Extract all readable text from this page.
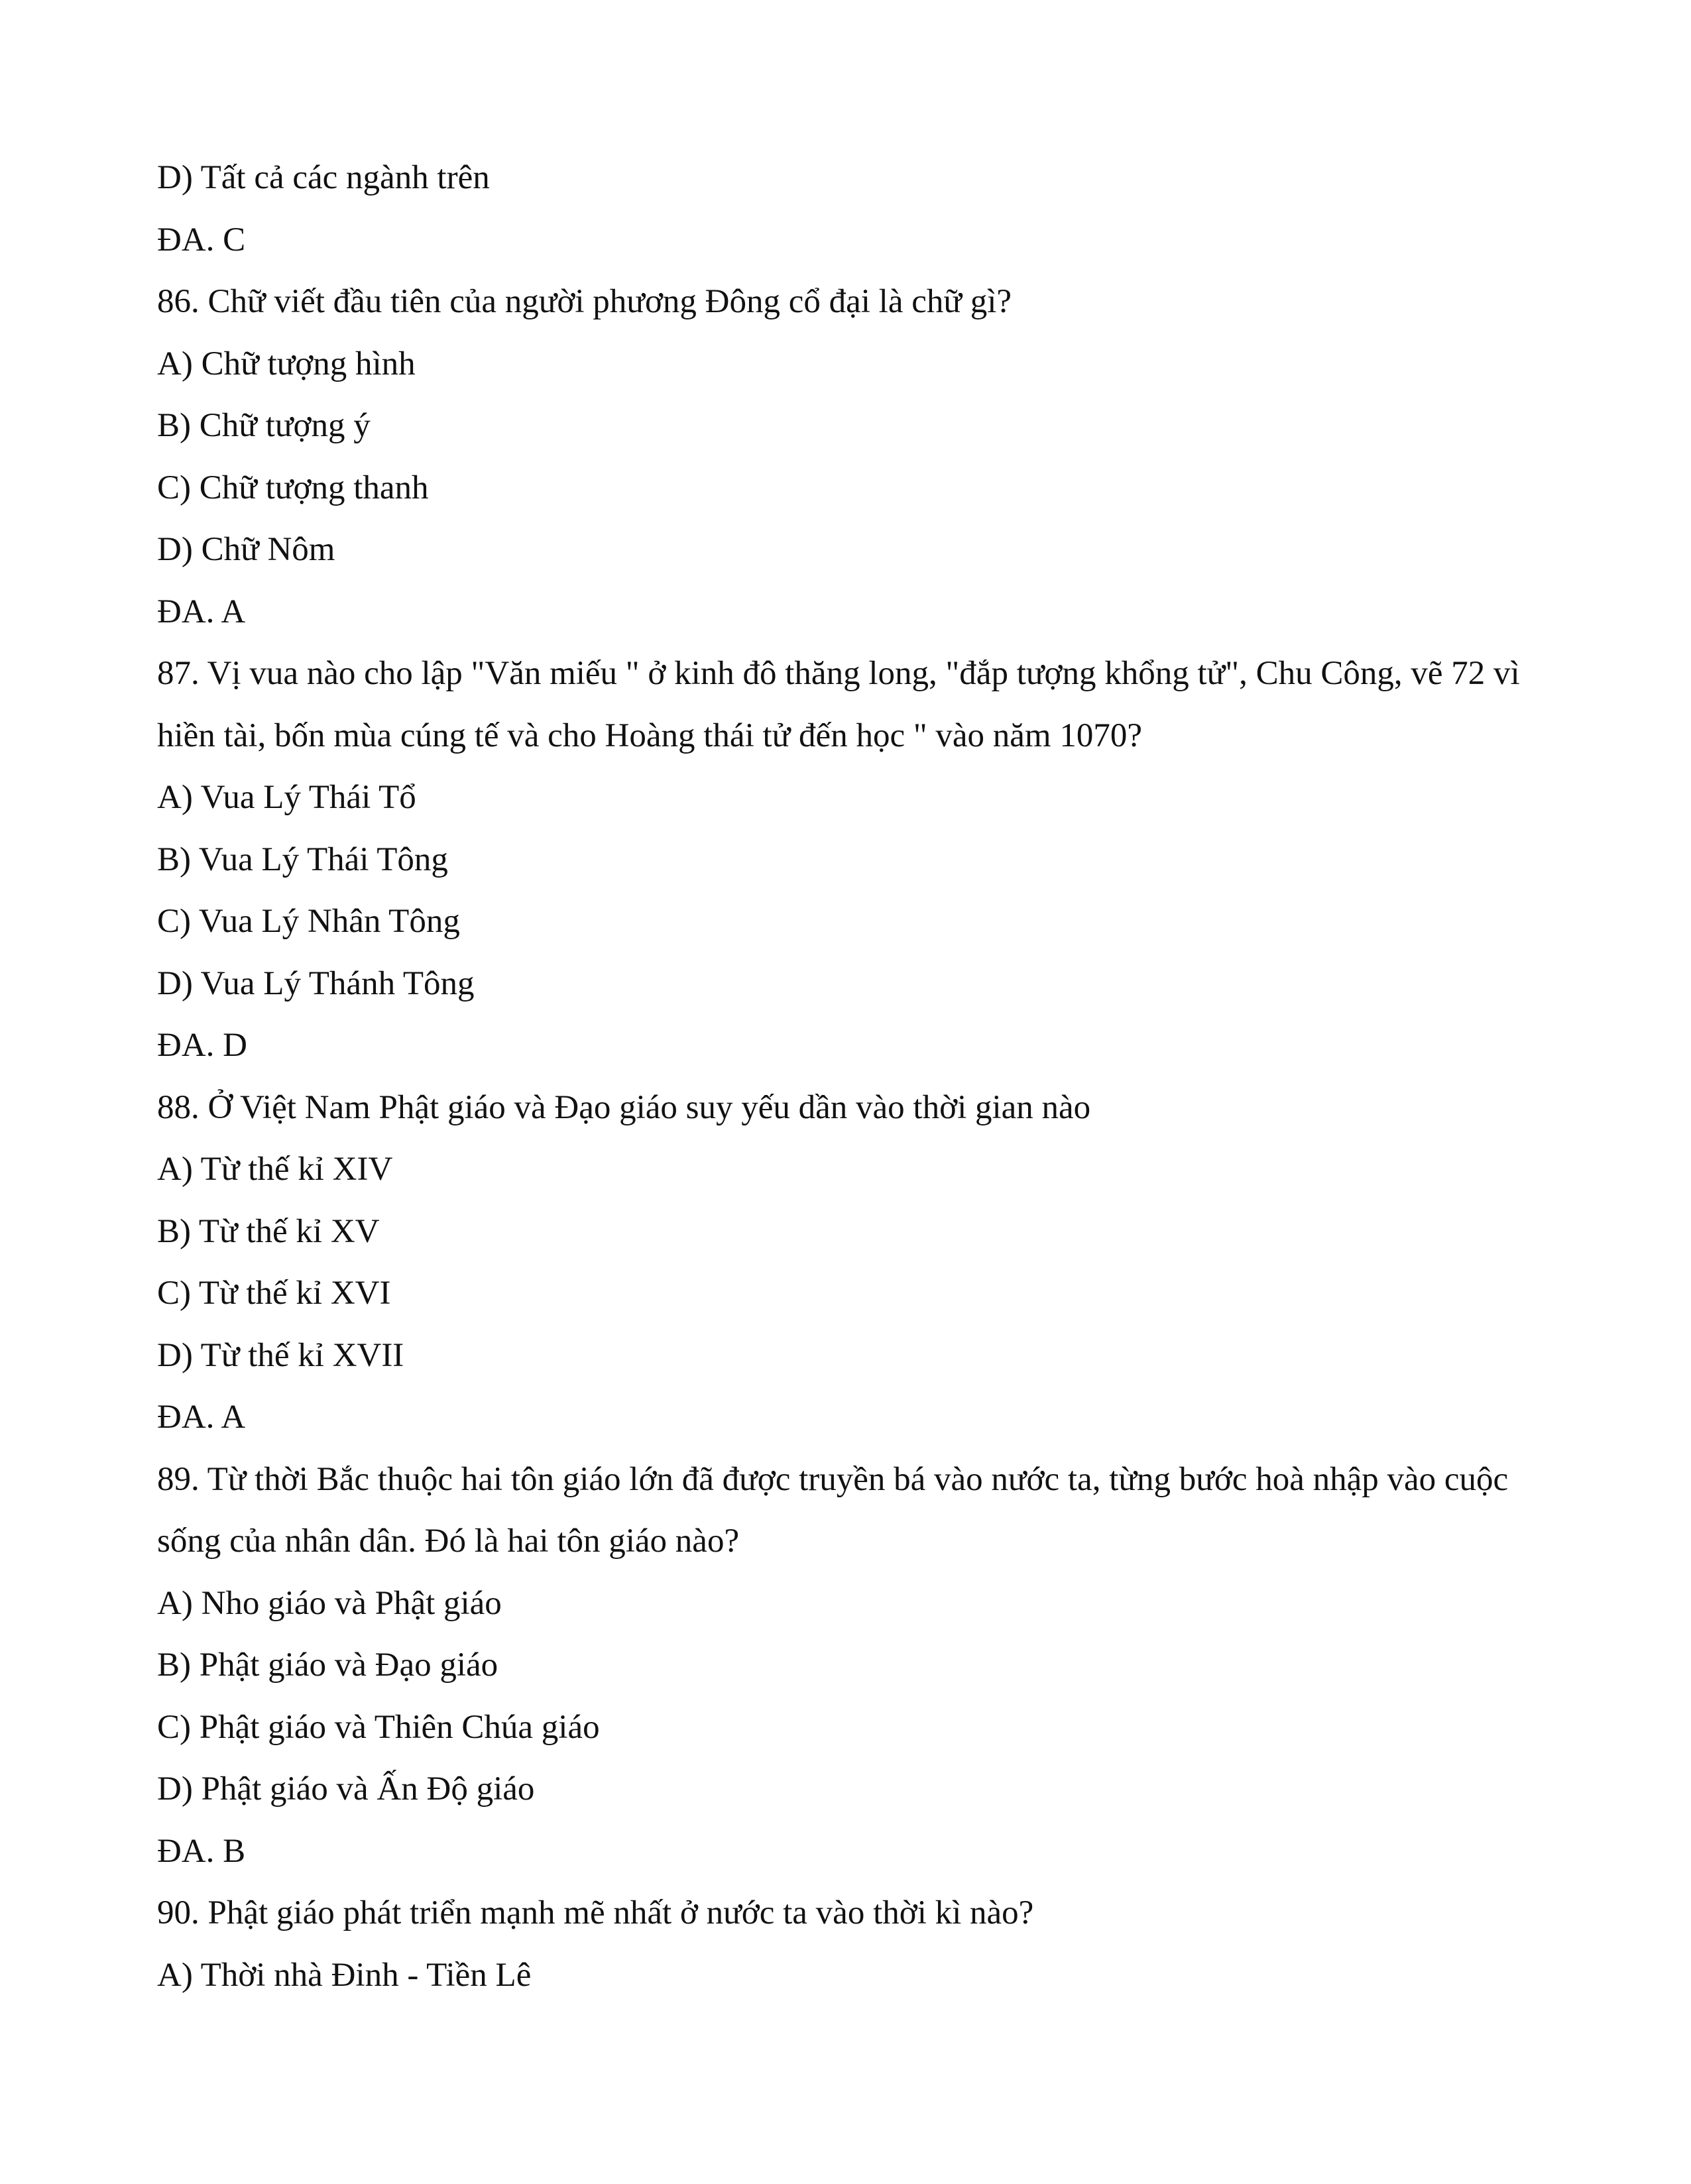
D) Tất cả các ngành trên

ĐA. C

86. Chữ viết đầu tiên của người phương Đông cổ đại là chữ gì?

A) Chữ tượng hình

B) Chữ tượng ý

C) Chữ tượng thanh

D) Chữ Nôm

ĐA. A

87. Vị vua nào cho lập "Văn miếu " ở kinh đô thăng long, "đắp tượng khổng tử", Chu Công, vẽ 72 vì hiền tài, bốn mùa cúng tế và cho Hoàng thái tử đến học " vào năm 1070?

A) Vua Lý Thái Tổ

B) Vua Lý Thái Tông

C) Vua Lý Nhân Tông

D) Vua Lý Thánh Tông

ĐA. D

88. Ở Việt Nam Phật giáo và Đạo giáo suy yếu dần vào thời gian nào

A) Từ thế kỉ XIV

B) Từ thế kỉ XV

C) Từ thế kỉ XVI

D) Từ thế kỉ XVII

ĐA. A

89. Từ thời Bắc thuộc hai tôn giáo lớn đã được truyền bá vào nước ta, từng bước hoà nhập vào cuộc sống của nhân dân. Đó là hai tôn giáo nào?

A) Nho giáo và Phật giáo

B) Phật giáo và Đạo giáo

C) Phật giáo và Thiên Chúa giáo

D) Phật giáo và Ấn Độ giáo

ĐA. B

90. Phật giáo phát triển mạnh mẽ nhất ở nước ta vào thời kì nào?

A) Thời nhà Đinh - Tiền Lê
